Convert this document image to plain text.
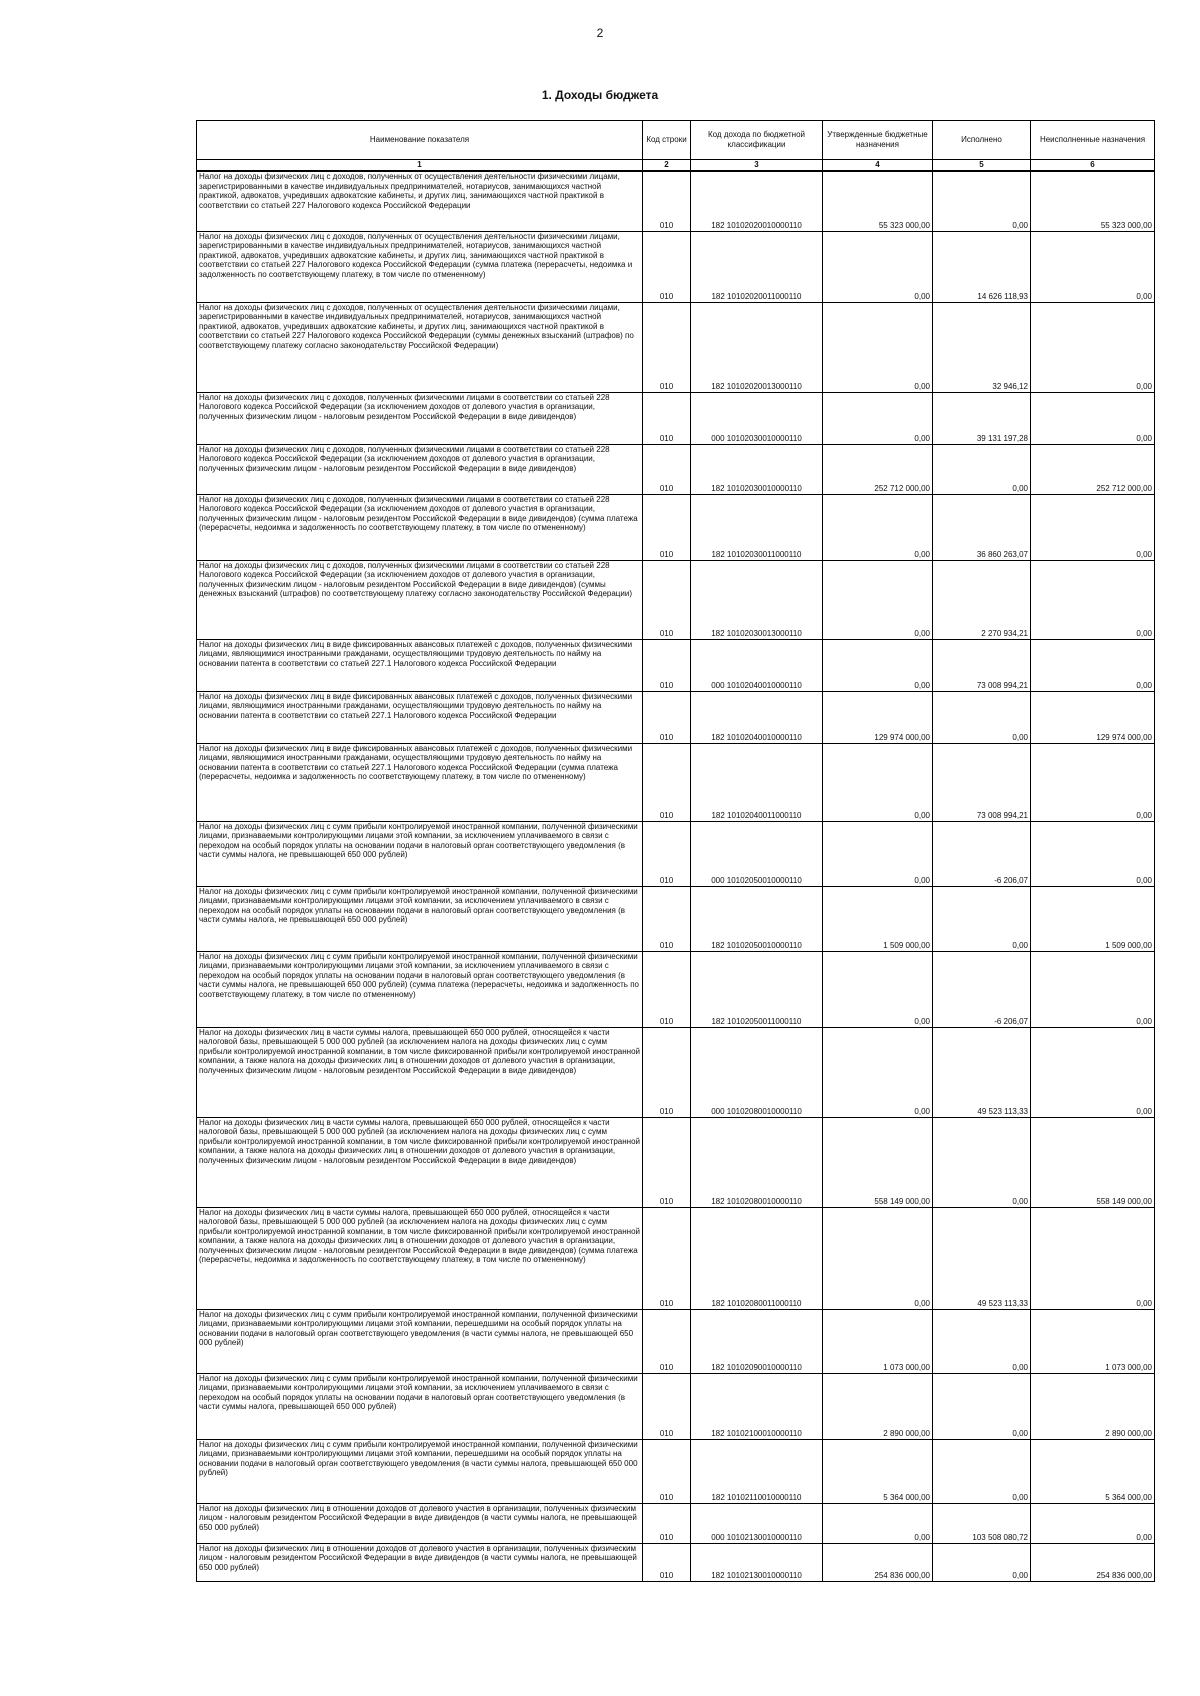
2
1. Доходы бюджета
Наименование показателя	Код строки	Код дохода по бюджетной классификации	Утвержденные бюджетные назначения	Исполнено	Неисполненные назначения
1	2	3	4	5	6
Налог на доходы физических лиц с доходов, полученных от осуществления деятельности физическими лицами, зарегистрированными в качестве индивидуальных предпринимателей, нотариусов, занимающихся частной практикой, адвокатов, учредивших адвокатские кабинеты, и других лиц, занимающихся частной практикой в соответствии со статьей 227 Налогового кодекса Российской Федерации	010	182 10102020010000110	55 323 000,00	0,00	55 323 000,00
Налог на доходы физических лиц с доходов, полученных от осуществления деятельности физическими лицами, зарегистрированными в качестве индивидуальных предпринимателей, нотариусов, занимающихся частной практикой, адвокатов, учредивших адвокатские кабинеты, и других лиц, занимающихся частной практикой в соответствии со статьей 227 Налогового кодекса Российской Федерации (сумма платежа (перерасчеты, недоимка и задолженность по соответствующему платежу, в том числе по отмененному)	010	182 10102020011000110	0,00	14 626 118,93	0,00
Налог на доходы физических лиц с доходов, полученных от осуществления деятельности физическими лицами, зарегистрированными в качестве индивидуальных предпринимателей, нотариусов, занимающихся частной практикой, адвокатов, учредивших адвокатские кабинеты, и других лиц, занимающихся частной практикой в соответствии со статьей 227 Налогового кодекса Российской Федерации (суммы денежных взысканий (штрафов) по соответствующему платежу согласно законодательству Российской Федерации)	010	182 10102020013000110	0,00	32 946,12	0,00
Налог на доходы физических лиц с доходов, полученных физическими лицами в соответствии со статьей 228 Налогового кодекса Российской Федерации (за исключением доходов от долевого участия в организации, полученных физическим лицом - налоговым резидентом Российской Федерации в виде дивидендов)	010	000 10102030010000110	0,00	39 131 197,28	0,00
Налог на доходы физических лиц с доходов, полученных физическими лицами в соответствии со статьей 228 Налогового кодекса Российской Федерации (за исключением доходов от долевого участия в организации, полученных физическим лицом - налоговым резидентом Российской Федерации в виде дивидендов)	010	182 10102030010000110	252 712 000,00	0,00	252 712 000,00
Налог на доходы физических лиц с доходов, полученных физическими лицами в соответствии со статьей 228 Налогового кодекса Российской Федерации (за исключением доходов от долевого участия в организации, полученных физическим лицом - налоговым резидентом Российской Федерации в виде дивидендов) (сумма платежа (перерасчеты, недоимка и задолженность по соответствующему платежу, в том числе по отмененному)	010	182 10102030011000110	0,00	36 860 263,07	0,00
Налог на доходы физических лиц с доходов, полученных физическими лицами в соответствии со статьей 228 Налогового кодекса Российской Федерации (за исключением доходов от долевого участия в организации, полученных физическим лицом - налоговым резидентом Российской Федерации в виде дивидендов) (суммы денежных взысканий (штрафов) по соответствующему платежу согласно законодательству Российской Федерации)	010	182 10102030013000110	0,00	2 270 934,21	0,00
Налог на доходы физических лиц в виде фиксированных авансовых платежей с доходов, полученных физическими лицами, являющимися иностранными гражданами, осуществляющими трудовую деятельность по найму на основании патента в соответствии со статьей 227.1 Налогового кодекса Российской Федерации	010	000 10102040010000110	0,00	73 008 994,21	0,00
Налог на доходы физических лиц в виде фиксированных авансовых платежей с доходов, полученных физическими лицами, являющимися иностранными гражданами, осуществляющими трудовую деятельность по найму на основании патента в соответствии со статьей 227.1 Налогового кодекса Российской Федерации	010	182 10102040010000110	129 974 000,00	0,00	129 974 000,00
Налог на доходы физических лиц в виде фиксированных авансовых платежей с доходов, полученных физическими лицами, являющимися иностранными гражданами, осуществляющими трудовую деятельность по найму на основании патента в соответствии со статьей 227.1 Налогового кодекса Российской Федерации (сумма платежа (перерасчеты, недоимка и задолженность по соответствующему платежу, в том числе по отмененному)	010	182 10102040011000110	0,00	73 008 994,21	0,00
Налог на доходы физических лиц с сумм прибыли контролируемой иностранной компании, полученной физическими лицами, признаваемыми контролирующими лицами этой компании, за исключением уплачиваемого в связи с переходом на особый порядок уплаты на основании подачи в налоговый орган соответствующего уведомления (в части суммы налога, не превышающей 650 000 рублей)	010	000 10102050010000110	0,00	-6 206,07	0,00
Налог на доходы физических лиц с сумм прибыли контролируемой иностранной компании, полученной физическими лицами, признаваемыми контролирующими лицами этой компании, за исключением уплачиваемого в связи с переходом на особый порядок уплаты на основании подачи в налоговый орган соответствующего уведомления (в части суммы налога, не превышающей 650 000 рублей)	010	182 10102050010000110	1 509 000,00	0,00	1 509 000,00
Налог на доходы физических лиц с сумм прибыли контролируемой иностранной компании, полученной физическими лицами, признаваемыми контролирующими лицами этой компании, за исключением уплачиваемого в связи с переходом на особый порядок уплаты на основании подачи в налоговый орган соответствующего уведомления (в части суммы налога, не превышающей 650 000 рублей) (сумма платежа (перерасчеты, недоимка и задолженность по соответствующему платежу, в том числе по отмененному)	010	182 10102050011000110	0,00	-6 206,07	0,00
Налог на доходы физических лиц в части суммы налога, превышающей 650 000 рублей, относящейся к части налоговой базы, превышающей 5 000 000 рублей (за исключением налога на доходы физических лиц с сумм прибыли контролируемой иностранной компании, в том числе фиксированной прибыли контролируемой иностранной компании, а также налога на доходы физических лиц в отношении доходов от долевого участия в организации, полученных физическим лицом - налоговым резидентом Российской Федерации в виде дивидендов)	010	000 10102080010000110	0,00	49 523 113,33	0,00
Налог на доходы физических лиц в части суммы налога, превышающей 650 000 рублей, относящейся к части налоговой базы, превышающей 5 000 000 рублей (за исключением налога на доходы физических лиц с сумм прибыли контролируемой иностранной компании, в том числе фиксированной прибыли контролируемой иностранной компании, а также налога на доходы физических лиц в отношении доходов от долевого участия в организации, полученных физическим лицом - налоговым резидентом Российской Федерации в виде дивидендов)	010	182 10102080010000110	558 149 000,00	0,00	558 149 000,00
Налог на доходы физических лиц в части суммы налога, превышающей 650 000 рублей, относящейся к части налоговой базы, превышающей 5 000 000 рублей (за исключением налога на доходы физических лиц с сумм прибыли контролируемой иностранной компании, в том числе фиксированной прибыли контролируемой иностранной компании, а также налога на доходы физических лиц в отношении доходов от долевого участия в организации, полученных физическим лицом - налоговым резидентом Российской Федерации в виде дивидендов) (сумма платежа (перерасчеты, недоимка и задолженность по соответствующему платежу, в том числе по отмененному)	010	182 10102080011000110	0,00	49 523 113,33	0,00
Налог на доходы физических лиц с сумм прибыли контролируемой иностранной компании, полученной физическими лицами, признаваемыми контролирующими лицами этой компании, перешедшими на особый порядок уплаты на основании подачи в налоговый орган соответствующего уведомления (в части суммы налога, не превышающей 650 000 рублей)	010	182 10102090010000110	1 073 000,00	0,00	1 073 000,00
Налог на доходы физических лиц с сумм прибыли контролируемой иностранной компании, полученной физическими лицами, признаваемыми контролирующими лицами этой компании, за исключением уплачиваемого в связи с переходом на особый порядок уплаты на основании подачи в налоговый орган соответствующего уведомления (в части суммы налога, превышающей 650 000 рублей)	010	182 10102100010000110	2 890 000,00	0,00	2 890 000,00
Налог на доходы физических лиц с сумм прибыли контролируемой иностранной компании, полученной физическими лицами, признаваемыми контролирующими лицами этой компании, перешедшими на особый порядок уплаты на основании подачи в налоговый орган соответствующего уведомления (в части суммы налога, превышающей 650 000 рублей)	010	182 10102110010000110	5 364 000,00	0,00	5 364 000,00
Налог на доходы физических лиц в отношении доходов от долевого участия в организации, полученных физическим лицом - налоговым резидентом Российской Федерации в виде дивидендов (в части суммы налога, не превышающей 650 000 рублей)	010	000 10102130010000110	0,00	103 508 080,72	0,00
Налог на доходы физических лиц в отношении доходов от долевого участия в организации, полученных физическим лицом - налоговым резидентом Российской Федерации в виде дивидендов (в части суммы налога, не превышающей 650 000 рублей)	010	182 10102130010000110	254 836 000,00	0,00	254 836 000,00
